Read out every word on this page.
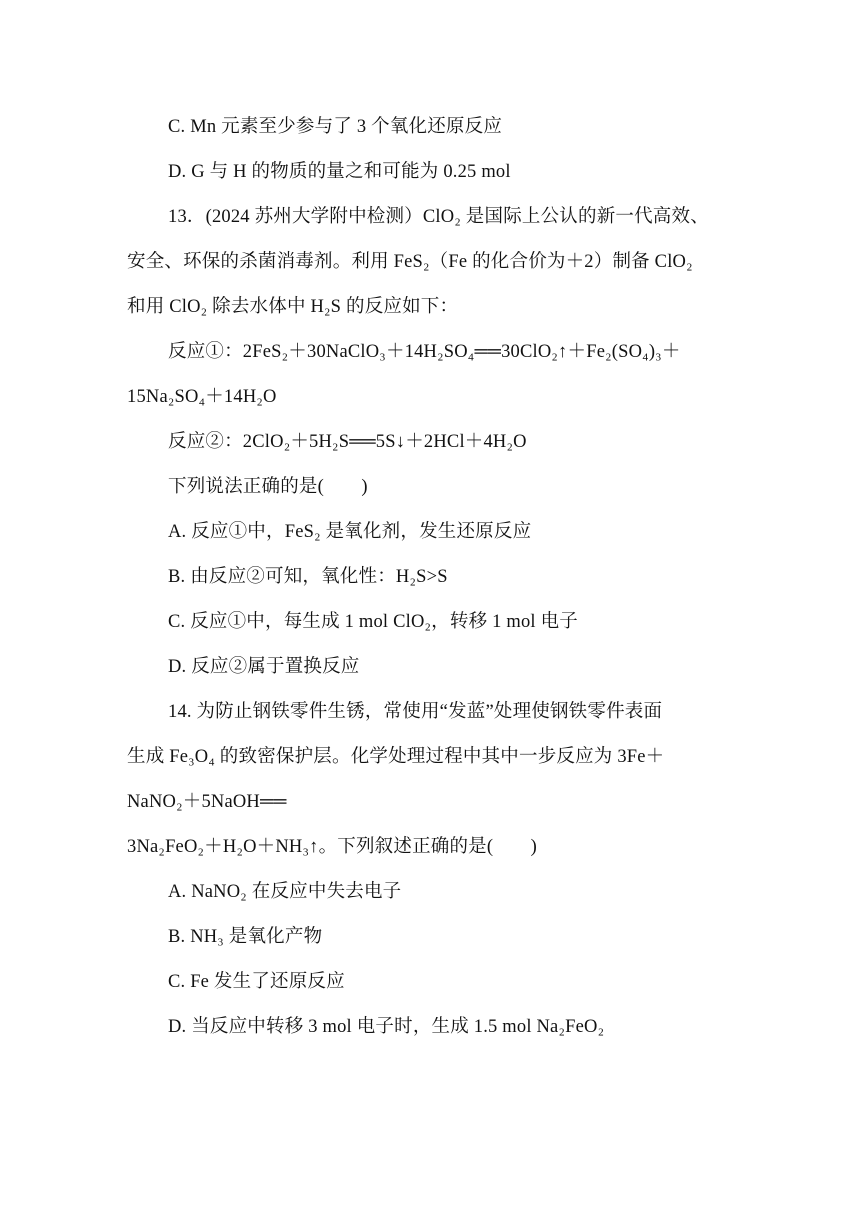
C. Mn 元素至少参与了 3 个氧化还原反应
D. G 与 H 的物质的量之和可能为 0.25 mol
13．(2024 苏州大学附中检测）ClO₂ 是国际上公认的新一代高效、
安全、环保的杀菌消毒剂。利用 FeS₂（Fe 的化合价为＋2）制备 ClO₂
和用 ClO₂ 除去水体中 H₂S 的反应如下：
反应①：2FeS₂＋30NaClO₃＋14H₂SO₄══30ClO₂↑＋Fe₂(SO₄)₃＋
15Na₂SO₄＋14H₂O
反应②：2ClO₂＋5H₂S══5S↓＋2HCl＋4H₂O
下列说法正确的是(　　)
A. 反应①中，FeS₂ 是氧化剂，发生还原反应
B. 由反应②可知，氧化性：H₂S>S
C. 反应①中，每生成 1 mol ClO₂，转移 1 mol 电子
D. 反应②属于置换反应
14. 为防止钢铁零件生锈，常使用“发蓝”处理使钢铁零件表面
生成 Fe₃O₄ 的致密保护层。化学处理过程中其中一步反应为 3Fe＋
NaNO₂＋5NaOH══
3Na₂FeO₂＋H₂O＋NH₃↑。下列叙述正确的是(　　)
A. NaNO₂ 在反应中失去电子
B. NH₃ 是氧化产物
C. Fe 发生了还原反应
D. 当反应中转移 3 mol 电子时，生成 1.5 mol Na₂FeO₂
